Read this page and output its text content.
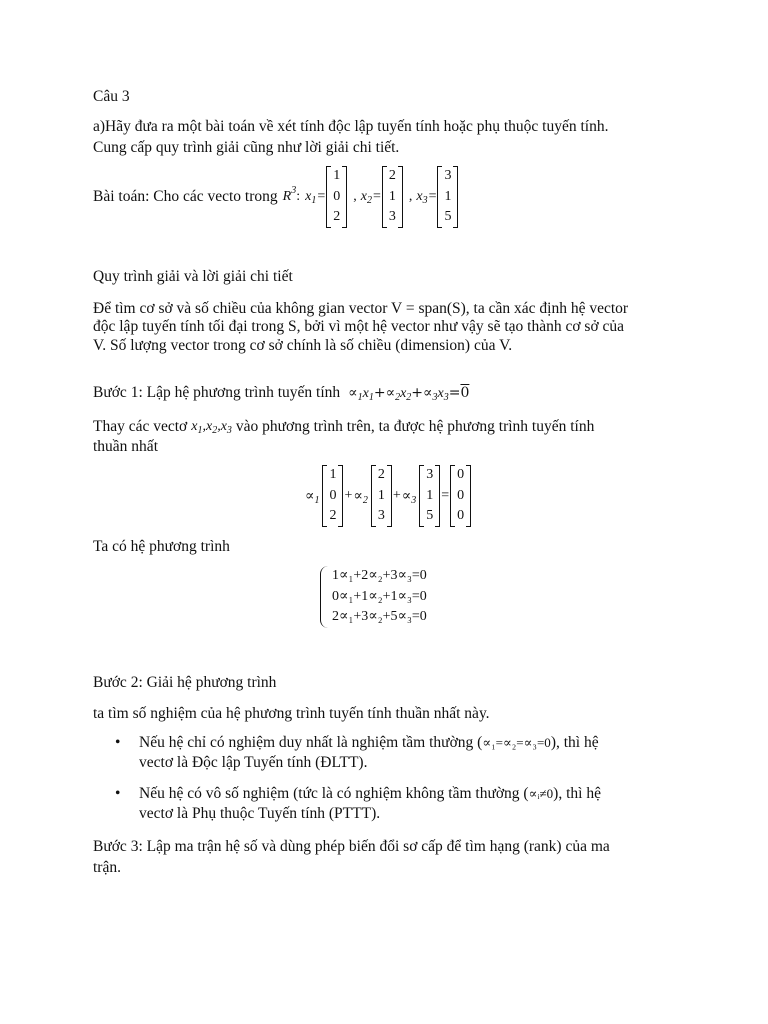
Câu 3

a)Hãy đưa ra một bài toán về xét tính độc lập tuyến tính hoặc phụ thuộc tuyến tính.

Cung cấp quy trình giải cũng như lời giải chi tiết.

Bài toán: Cho các vecto trong $R^3$ : $x_1$ =
1
0
2
, $x_2$ =
2
1
3
, $x_3$ =
3
1
5

Quy trình giải và lời giải chi tiết

Để tìm cơ sở và số chiều của không gian vector V = span(S), ta cần xác định hệ vector

độc lập tuyến tính tối đại trong S, bởi vì một hệ vector như vậy sẽ tạo thành cơ sở của

V. Số lượng vector trong cơ sở chính là số chiều (dimension) của V.

Bước 1: Lập hệ phương trình tuyến tính $\propto_1x_1+\propto_2x_2+\propto_3x_3=0$
Thay các vectơ $x_1,x_2,x_3$ vào phương trình trên, ta được hệ phương trình tuyến tính

thuần nhất

$\propto_1$
1
0
2
+ $\propto_2$
2
1
3
+ $\propto_3$
3
1
5
=
0
0
0

Ta có hệ phương trình

1∝₁+2∝₂+3∝₃=0
0∝₁+1∝₂+1∝₃=0
2∝₁+3∝₂+5∝₃=0

Bước 2: Giải hệ phương trình

ta tìm số nghiệm của hệ phương trình tuyến tính thuần nhất này.

• Nếu hệ chỉ có nghiệm duy nhất là nghiệm tầm thường (∝₁=∝₂=∝₃=0), thì hệ
vectơ là Độc lập Tuyến tính (ĐLTT).
• Nếu hệ có vô số nghiệm (tức là có nghiệm không tầm thường (∝ᵢ≠0), thì hệ
vectơ là Phụ thuộc Tuyến tính (PTTT).

Bước 3: Lập ma trận hệ số và dùng phép biến đổi sơ cấp để tìm hạng (rank) của ma

trận.
